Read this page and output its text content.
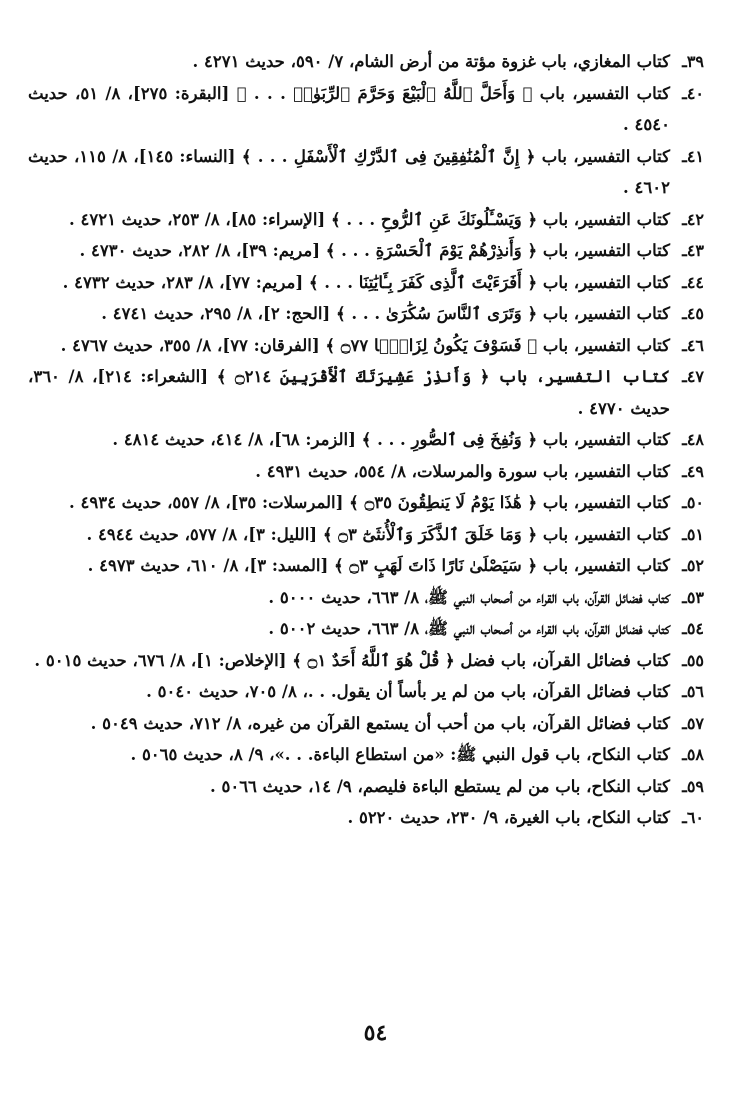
٣٩ـ
كتاب المغازي، باب غزوة مؤتة من أرض الشام، ٧/ ٥٩٠، حديث ٤٢٧١ .

٤٠ـ
كتاب التفسير، باب ﴿ وَأَحَلَّ ٱللَّهُ ٱلْبَيْعَ وَحَرَّمَ ٱلرِّبَوٰا۟ . . . ﴾ [البقرة: ٢٧٥]، ٨/ ٥١، حديث ٤٥٤٠ .

٤١ـ
كتاب التفسير، باب ﴿ إِنَّ ٱلْمُنَٰفِقِينَ فِى ٱلدَّرْكِ ٱلْأَسْفَلِ . . . ﴾ [النساء: ١٤٥]، ٨/ ١١٥، حديث ٤٦٠٢ .

٤٢ـ
كتاب التفسير، باب ﴿ وَيَسْـَٔلُونَكَ عَنِ ٱلرُّوحِ . . . ﴾ [الإسراء: ٨٥]، ٨/ ٢٥٣، حديث ٤٧٢١ .

٤٣ـ
كتاب التفسير، باب ﴿ وَأَنذِرْهُمْ يَوْمَ ٱلْحَسْرَةِ . . . ﴾ [مريم: ٣٩]، ٨/ ٢٨٢، حديث ٤٧٣٠ .

٤٤ـ
كتاب التفسير، باب ﴿ أَفَرَءَيْتَ ٱلَّذِى كَفَرَ بِـَٔايَٰتِنَا . . . ﴾ [مريم: ٧٧]، ٨/ ٢٨٣، حديث ٤٧٣٢ .

٤٥ـ
كتاب التفسير، باب ﴿ وَتَرَى ٱلنَّاسَ سُكَٰرَىٰ . . . ﴾ [الحج: ٢]، ٨/ ٢٩٥، حديث ٤٧٤١ .

٤٦ـ
كتاب التفسير، باب ﴿ فَسَوْفَ يَكُونُ لِزَامًۢا ۝٧٧ ﴾ [الفرقان: ٧٧]، ٨/ ٣٥٥، حديث ٤٧٦٧ .

٤٧ـ
كتاب التفسير، باب ﴿ وَأَنذِرْ عَشِيرَتَكَ ٱلْأَقْرَبِينَ ۝٢١٤ ﴾ [الشعراء: ٢١٤]، ٨/ ٣٦٠، حديث ٤٧٧٠ .

٤٨ـ
كتاب التفسير، باب ﴿ وَنُفِخَ فِى ٱلصُّورِ . . . ﴾ [الزمر: ٦٨]، ٨/ ٤١٤، حديث ٤٨١٤ .

٤٩ـ
كتاب التفسير، باب سورة والمرسلات، ٨/ ٥٥٤، حديث ٤٩٣١ .

٥٠ـ
كتاب التفسير، باب ﴿ هَٰذَا يَوْمُ لَا يَنطِقُونَ ۝٣٥ ﴾ [المرسلات: ٣٥]، ٨/ ٥٥٧، حديث ٤٩٣٤ .

٥١ـ
كتاب التفسير، باب ﴿ وَمَا خَلَقَ ٱلذَّكَرَ وَٱلْأُنثَىٰٓ ۝٣ ﴾ [الليل: ٣]، ٨/ ٥٧٧، حديث ٤٩٤٤ .

٥٢ـ
كتاب التفسير، باب ﴿ سَيَصْلَىٰ نَارًا ذَاتَ لَهَبٍ ۝٣ ﴾ [المسد: ٣]، ٨/ ٦١٠، حديث ٤٩٧٣ .

٥٣ـ
كتاب فضائل القرآن، باب القراء من أصحاب النبي ﷺ، ٨/ ٦٦٣، حديث ٥٠٠٠ .

٥٤ـ
كتاب فضائل القرآن، باب القراء من أصحاب النبي ﷺ، ٨/ ٦٦٣، حديث ٥٠٠٢ .

٥٥ـ
كتاب فضائل القرآن، باب فضل ﴿ قُلْ هُوَ ٱللَّهُ أَحَدٌ ۝١ ﴾ [الإخلاص: ١]، ٨/ ٦٧٦، حديث ٥٠١٥ .

٥٦ـ
كتاب فضائل القرآن، باب من لم ير بأساً أن يقول. . .، ٨/ ٧٠٥، حديث ٥٠٤٠ .

٥٧ـ
كتاب فضائل القرآن، باب من أحب أن يستمع القرآن من غيره، ٨/ ٧١٢، حديث ٥٠٤٩ .

٥٨ـ
كتاب النكاح، باب قول النبي ﷺ: «من استطاع الباءة. . .»، ٩/ ٨، حديث ٥٠٦٥ .

٥٩ـ
كتاب النكاح، باب من لم يستطع الباءة فليصم، ٩/ ١٤، حديث ٥٠٦٦ .

٦٠ـ
كتاب النكاح، باب الغيرة، ٩/ ٢٣٠، حديث ٥٢٢٠ .

٥٤
